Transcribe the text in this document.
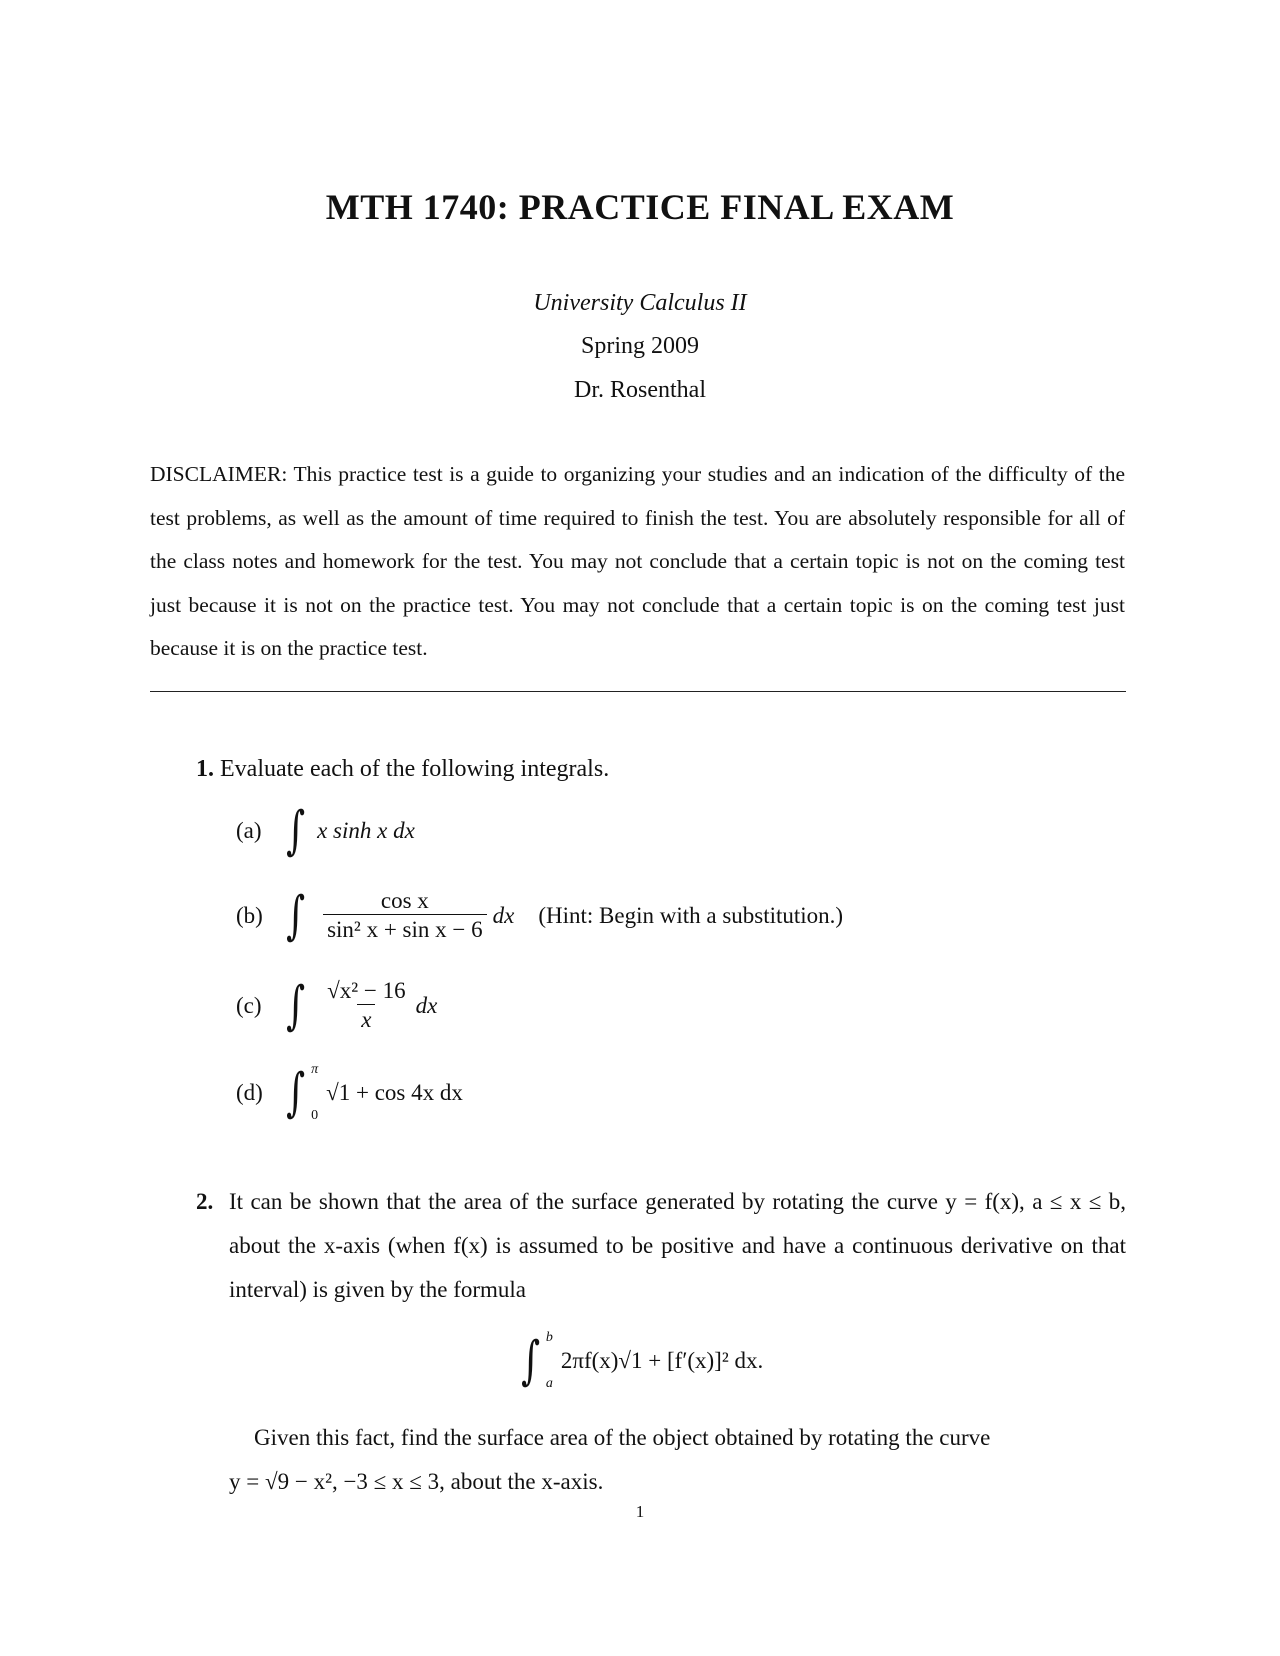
MTH 1740: PRACTICE FINAL EXAM
University Calculus II
Spring 2009
Dr. Rosenthal
DISCLAIMER: This practice test is a guide to organizing your studies and an indication of the difficulty of the test problems, as well as the amount of time required to finish the test. You are absolutely responsible for all of the class notes and homework for the test. You may not conclude that a certain topic is not on the coming test just because it is not on the practice test. You may not conclude that a certain topic is on the coming test just because it is on the practice test.
1. Evaluate each of the following integrals.
(a) ∫ x sinh x dx
(b) ∫ $\frac{\text{cos x}}{\text{sin² x + sin x − 6}}$ dx (Hint: Begin with a substitution.)
(c) ∫ $\frac{\text{√x² − 16}}{x}$ dx
(d) ∫ π
0
√1 + cos 4x dx
2. It can be shown that the area of the surface generated by rotating the curve y = f(x), a ≤ x ≤ b, about the x-axis (when f(x) is assumed to be positive and have a continuous derivative on that interval) is given by the formula
∫ b
a
2πf(x)√1 + [f′(x)]² dx.
Given this fact, find the surface area of the object obtained by rotating the curve
y = √9 − x², −3 ≤ x ≤ 3, about the x-axis.
1
